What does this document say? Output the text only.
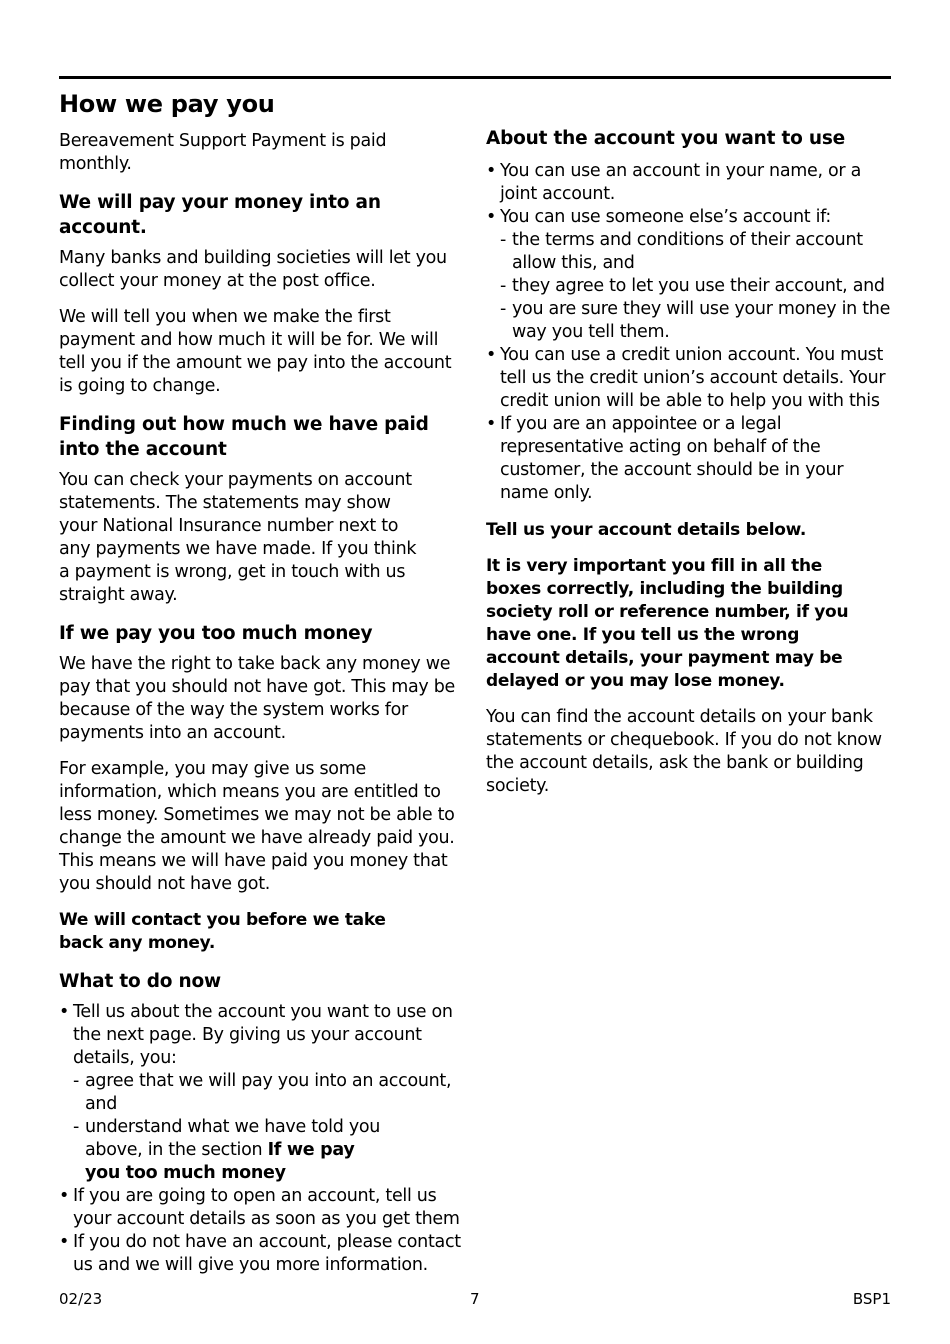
How we pay you

Bereavement Support Payment is paid monthly.

We will pay your money into an account.

Many banks and building societies will let you collect your money at the post office.

We will tell you when we make the first payment and how much it will be for. We will tell you if the amount we pay into the account is going to change.

Finding out how much we have paid into the account

You can check your payments on account statements. The statements may show your National Insurance number next to any payments we have made. If you think a payment is wrong, get in touch with us straight away.

If we pay you too much money

We have the right to take back any money we pay that you should not have got. This may be because of the way the system works for payments into an account.

For example, you may give us some information, which means you are entitled to less money. Sometimes we may not be able to change the amount we have already paid you. This means we will have paid you money that you should not have got.

We will contact you before we take back any money.

What to do now
• Tell us about the account you want to use on the next page. By giving us your account details, you:
- agree that we will pay you into an account, and
- understand what we have told you above, in the section If we pay you too much money
• If you are going to open an account, tell us your account details as soon as you get them
• If you do not have an account, please contact us and we will give you more information.
About the account you want to use
• You can use an account in your name, or a joint account.
• You can use someone else’s account if:
- the terms and conditions of their account allow this, and
- they agree to let you use their account, and
- you are sure they will use your money in the way you tell them.
• You can use a credit union account. You must tell us the credit union’s account details. Your credit union will be able to help you with this
• If you are an appointee or a legal representative acting on behalf of the customer, the account should be in your name only.

Tell us your account details below.

It is very important you fill in all the boxes correctly, including the building society roll or reference number, if you have one. If you tell us the wrong account details, your payment may be delayed or you may lose money.

You can find the account details on your bank statements or chequebook. If you do not know the account details, ask the bank or building society.

02/23	7	BSP1
